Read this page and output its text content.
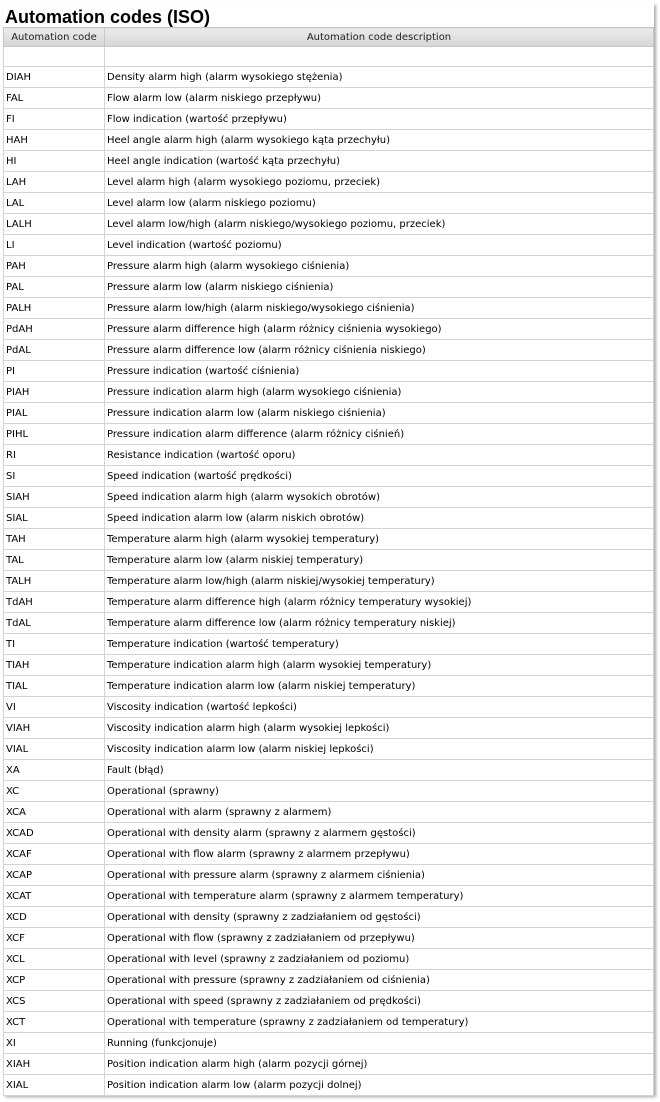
Automation codes (ISO)
Automation code	Automation code description

DIAH	Density alarm high (alarm wysokiego stężenia)
FAL	Flow alarm low (alarm niskiego przepływu)
FI	Flow indication (wartość przepływu)
HAH	Heel angle alarm high (alarm wysokiego kąta przechyłu)
HI	Heel angle indication (wartość kąta przechyłu)
LAH	Level alarm high (alarm wysokiego poziomu, przeciek)
LAL	Level alarm low (alarm niskiego poziomu)
LALH	Level alarm low/high (alarm niskiego/wysokiego poziomu, przeciek)
LI	Level indication (wartość poziomu)
PAH	Pressure alarm high (alarm wysokiego ciśnienia)
PAL	Pressure alarm low (alarm niskiego ciśnienia)
PALH	Pressure alarm low/high (alarm niskiego/wysokiego ciśnienia)
PdAH	Pressure alarm difference high (alarm różnicy ciśnienia wysokiego)
PdAL	Pressure alarm difference low (alarm różnicy ciśnienia niskiego)
PI	Pressure indication (wartość ciśnienia)
PIAH	Pressure indication alarm high (alarm wysokiego ciśnienia)
PIAL	Pressure indication alarm low (alarm niskiego ciśnienia)
PIHL	Pressure indication alarm difference (alarm różnicy ciśnień)
RI	Resistance indication (wartość oporu)
SI	Speed indication (wartość prędkości)
SIAH	Speed indication alarm high (alarm wysokich obrotów)
SIAL	Speed indication alarm low (alarm niskich obrotów)
TAH	Temperature alarm high (alarm wysokiej temperatury)
TAL	Temperature alarm low (alarm niskiej temperatury)
TALH	Temperature alarm low/high (alarm niskiej/wysokiej temperatury)
TdAH	Temperature alarm difference high (alarm różnicy temperatury wysokiej)
TdAL	Temperature alarm difference low (alarm różnicy temperatury niskiej)
TI	Temperature indication (wartość temperatury)
TIAH	Temperature indication alarm high (alarm wysokiej temperatury)
TIAL	Temperature indication alarm low (alarm niskiej temperatury)
VI	Viscosity indication (wartość lepkości)
VIAH	Viscosity indication alarm high (alarm wysokiej lepkości)
VIAL	Viscosity indication alarm low (alarm niskiej lepkości)
XA	Fault (błąd)
XC	Operational (sprawny)
XCA	Operational with alarm (sprawny z alarmem)
XCAD	Operational with density alarm (sprawny z alarmem gęstości)
XCAF	Operational with flow alarm (sprawny z alarmem przepływu)
XCAP	Operational with pressure alarm (sprawny z alarmem ciśnienia)
XCAT	Operational with temperature alarm (sprawny z alarmem temperatury)
XCD	Operational with density (sprawny z zadziałaniem od gęstości)
XCF	Operational with flow (sprawny z zadziałaniem od przepływu)
XCL	Operational with level (sprawny z zadziałaniem od poziomu)
XCP	Operational with pressure (sprawny z zadziałaniem od ciśnienia)
XCS	Operational with speed (sprawny z zadziałaniem od prędkości)
XCT	Operational with temperature (sprawny z zadziałaniem od temperatury)
XI	Running (funkcjonuje)
XIAH	Position indication alarm high (alarm pozycji górnej)
XIAL	Position indication alarm low (alarm pozycji dolnej)
